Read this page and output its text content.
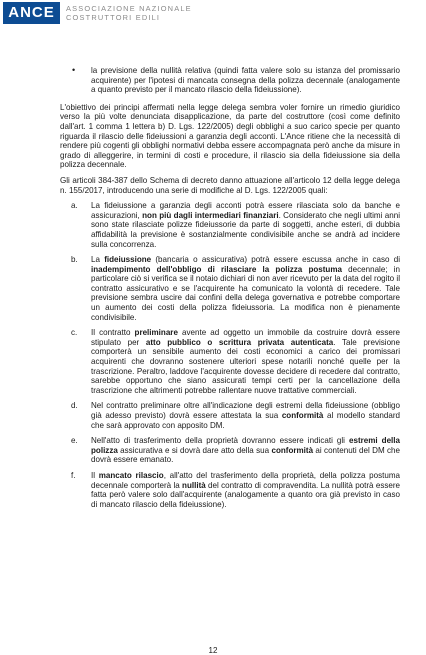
ANCE	ASSOCIAZIONE NAZIONALE
COSTRUTTORI EDILI
• la previsione della nullità relativa (quindi fatta valere solo su istanza del promissario acquirente) per l'ipotesi di mancata consegna della polizza decennale (analogamente a quanto previsto per il mancato rilascio della fideiussione).

L'obiettivo dei principi affermati nella legge delega sembra voler fornire un rimedio giuridico verso la più volte denunciata disapplicazione, da parte del costruttore (così come definito dall'art. 1 comma 1 lettera b) D. Lgs. 122/2005) degli obblighi a suo carico specie per quanto riguarda il rilascio delle fideiussioni a garanzia degli acconti. L'Ance ritiene che la necessità di rendere più cogenti gli obblighi normativi debba essere accompagnata però anche da misure in grado di alleggerire, in termini di costi e procedure, il rilascio sia della fideiussione sia della polizza decennale.

Gli articoli 384-387 dello Schema di decreto danno attuazione all'articolo 12 della legge delega n. 155/2017, introducendo una serie di modifiche al D. Lgs. 122/2005 quali:

a. La fideiussione a garanzia degli acconti potrà essere rilasciata solo da banche e assicurazioni, non più dagli intermediari finanziari. Considerato che negli ultimi anni sono state rilasciate polizze fideiussorie da parte di soggetti, anche esteri, di dubbia affidabilità la previsione è sostanzialmente condivisibile anche se andrà ad incidere sulla concorrenza.
b. La fideiussione (bancaria o assicurativa) potrà essere escussa anche in caso di inadempimento dell'obbligo di rilasciare la polizza postuma decennale; in particolare ciò si verifica se il notaio dichiari di non aver ricevuto per la data del rogito il contratto assicurativo e se l'acquirente ha comunicato la volontà di recedere. Tale previsione sembra uscire dai confini della delega governativa e potrebbe comportare un aumento dei costi della polizza fideiussoria. La modifica non è pienamente condivisibile.
c. Il contratto preliminare avente ad oggetto un immobile da costruire dovrà essere stipulato per atto pubblico o scrittura privata autenticata. Tale previsione comporterà un sensibile aumento dei costi economici a carico dei promissari acquirenti che dovranno sostenere ulteriori spese notarili nonché quelle per la trascrizione. Peraltro, laddove l'acquirente dovesse decidere di recedere dal contratto, sarebbe opportuno che siano assicurati tempi certi per la cancellazione della trascrizione che altrimenti potrebbe rallentare nuove trattative commerciali.
d. Nel contratto preliminare oltre all'indicazione degli estremi della fideiussione (obbligo già adesso previsto) dovrà essere attestata la sua conformità al modello standard che sarà approvato con apposito DM.
e. Nell'atto di trasferimento della proprietà dovranno essere indicati gli estremi della polizza assicurativa e si dovrà dare atto della sua conformità ai contenuti del DM che dovrà essere emanato.
f. Il mancato rilascio, all'atto del trasferimento della proprietà, della polizza postuma decennale comporterà la nullità del contratto di compravendita. La nullità potrà essere fatta però valere solo dall'acquirente (analogamente a quanto ora già previsto in caso di mancato rilascio della fideiussione).
12
